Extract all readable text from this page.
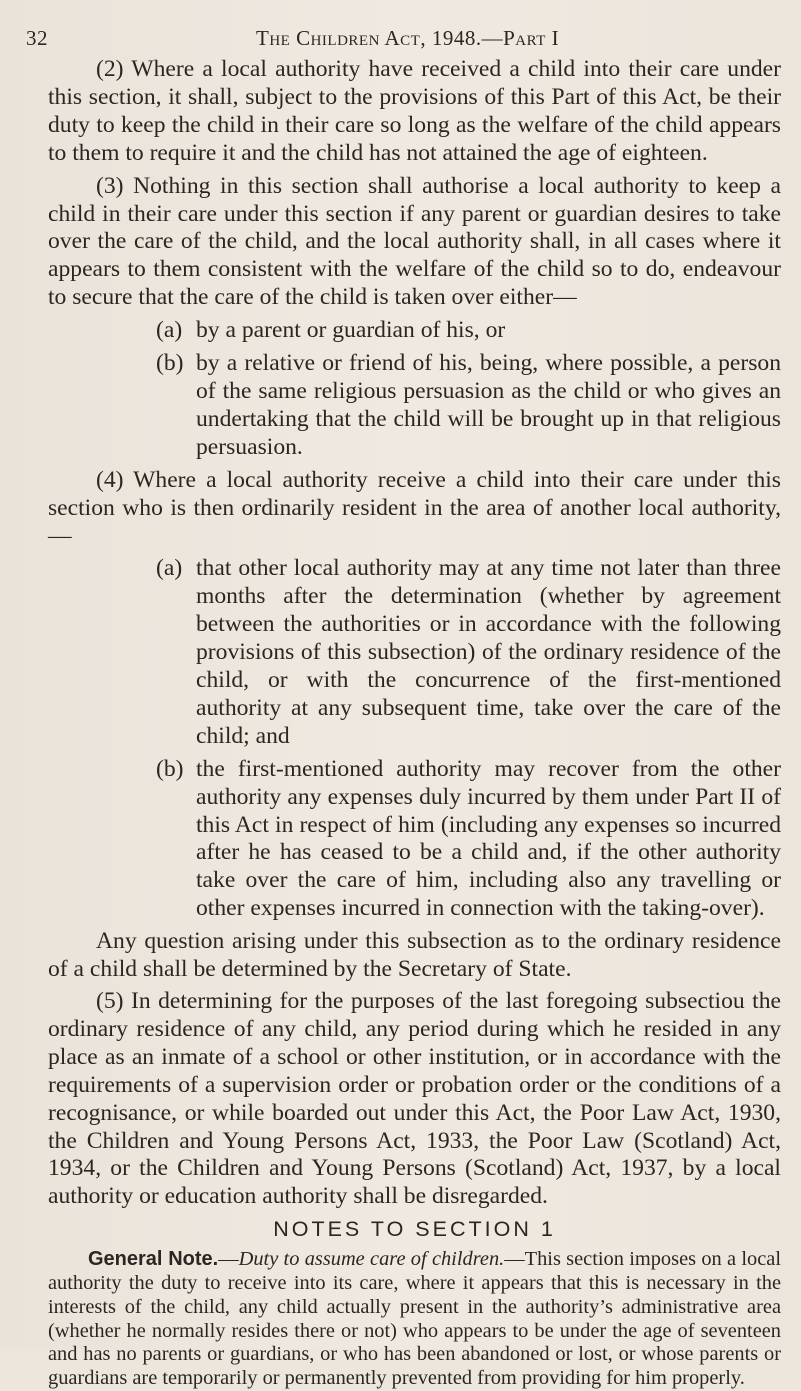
32	The Children Act, 1948.—Part I

(2) Where a local authority have received a child into their care under this section, it shall, subject to the provisions of this Part of this Act, be their duty to keep the child in their care so long as the welfare of the child appears to them to require it and the child has not attained the age of eighteen.

(3) Nothing in this section shall authorise a local authority to keep a child in their care under this section if any parent or guardian desires to take over the care of the child, and the local authority shall, in all cases where it appears to them consistent with the welfare of the child so to do, endeavour to secure that the care of the child is taken over either—

(a) by a parent or guardian of his, or
(b) by a relative or friend of his, being, where possible, a person of the same religious persuasion as the child or who gives an undertaking that the child will be brought up in that religious persuasion.

(4) Where a local authority receive a child into their care under this section who is then ordinarily resident in the area of another local authority,—

(a) that other local authority may at any time not later than three months after the determination (whether by agreement between the authorities or in accordance with the following provisions of this subsection) of the ordinary residence of the child, or with the concurrence of the first-mentioned authority at any subsequent time, take over the care of the child; and
(b) the first-mentioned authority may recover from the other authority any expenses duly incurred by them under Part II of this Act in respect of him (including any expenses so incurred after he has ceased to be a child and, if the other authority take over the care of him, including also any travelling or other expenses incurred in connection with the taking-over).

Any question arising under this subsection as to the ordinary residence of a child shall be determined by the Secretary of State.

(5) In determining for the purposes of the last foregoing subsectiou the ordinary residence of any child, any period during which he resided in any place as an inmate of a school or other institution, or in accordance with the requirements of a supervision order or probation order or the conditions of a recognisance, or while boarded out under this Act, the Poor Law Act, 1930, the Children and Young Persons Act, 1933, the Poor Law (Scotland) Act, 1934, or the Children and Young Persons (Scotland) Act, 1937, by a local authority or education authority shall be disregarded.

NOTES TO SECTION 1

General Note.—Duty to assume care of children.—This section imposes on a local authority the duty to receive into its care, where it appears that this is necessary in the interests of the child, any child actually present in the authority’s administrative area (whether he normally resides there or not) who appears to be under the age of seventeen and has no parents or guardians, or who has been abandoned or lost, or whose parents or guardians are temporarily or permanently prevented from providing for him properly.
